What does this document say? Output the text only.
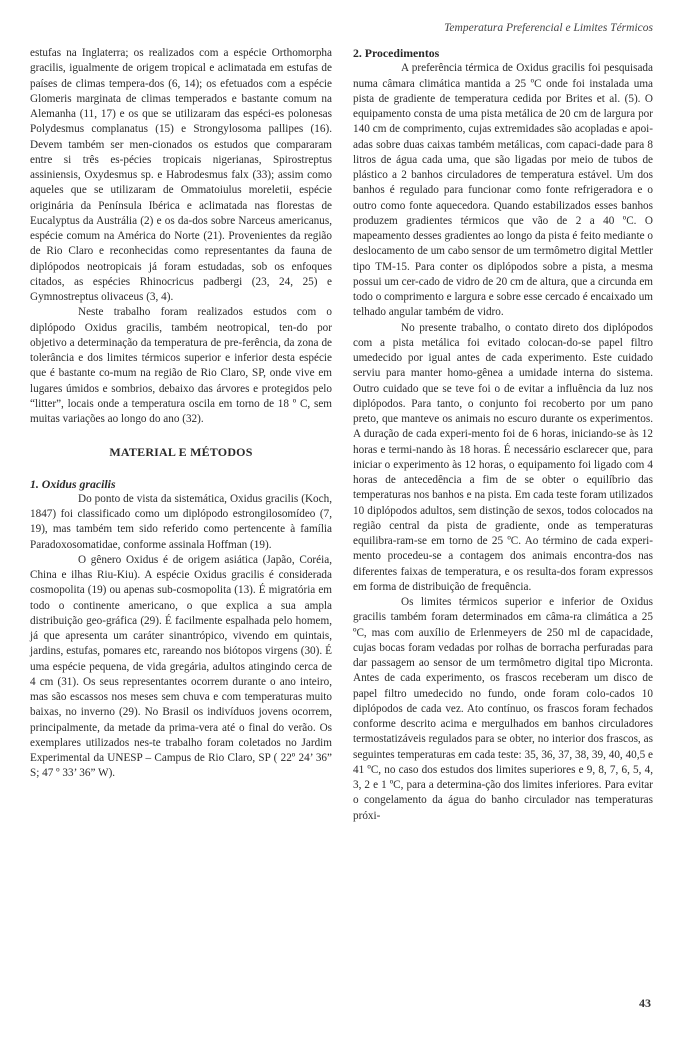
Temperatura Preferencial e Limites Térmicos

estufas na Inglaterra; os realizados com a espécie Orthomorpha gracilis, igualmente de origem tropical e aclimatada em estufas de países de climas tempera-dos (6, 14); os efetuados com a espécie Glomeris marginata de climas temperados e bastante comum na Alemanha (11, 17) e os que se utilizaram das espéci-es polonesas Polydesmus complanatus (15) e Strongylosoma pallipes (16). Devem também ser men-cionados os estudos que compararam entre si três es-pécies tropicais nigerianas, Spirostreptus assiniensis, Oxydesmus sp. e Habrodesmus falx (33); assim como aqueles que se utilizaram de Ommatoiulus moreletii, espécie originária da Península Ibérica e aclimatada nas florestas de Eucalyptus da Austrália (2) e os da-dos sobre Narceus americanus, espécie comum na América do Norte (21). Provenientes da região de Rio Claro e reconhecidas como representantes da fauna de diplópodos neotropicais já foram estudadas, sob os enfoques citados, as espécies Rhinocricus padbergi (23, 24, 25) e Gymnostreptus olivaceus (3, 4).

Neste trabalho foram realizados estudos com o diplópodo Oxidus gracilis, também neotropical, ten-do por objetivo a determinação da temperatura de pre-ferência, da zona de tolerância e dos limites térmicos superior e inferior desta espécie que é bastante co-mum na região de Rio Claro, SP, onde vive em lugares úmidos e sombrios, debaixo das árvores e protegidos pelo “litter”, locais onde a temperatura oscila em torno de 18 º C, sem muitas variações ao longo do ano (32).

MATERIAL E MÉTODOS
1. Oxidus gracilis

Do ponto de vista da sistemática, Oxidus gracilis (Koch, 1847) foi classificado como um diplópodo estrongilosomídeo (7, 19), mas também tem sido referido como pertencente à família Paradoxosomatidae, conforme assinala Hoffman (19).

O gênero Oxidus é de origem asiática (Japão, Coréia, China e ilhas Riu-Kiu). A espécie Oxidus gracilis é considerada cosmopolita (19) ou apenas sub-cosmopolita (13). É migratória em todo o continente americano, o que explica a sua ampla distribuição geo-gráfica (29). É facilmente espalhada pelo homem, já que apresenta um caráter sinantrópico, vivendo em quintais, jardins, estufas, pomares etc, rareando nos biótopos virgens (30). É uma espécie pequena, de vida gregária, adultos atingindo cerca de 4 cm (31). Os seus representantes ocorrem durante o ano inteiro, mas são escassos nos meses sem chuva e com temperaturas muito baixas, no inverno (29). No Brasil os indivíduos jovens ocorrem, principalmente, da metade da prima-vera até o final do verão. Os exemplares utilizados nes-te trabalho foram coletados no Jardim Experimental da UNESP – Campus de Rio Claro, SP ( 22º 24’ 36” S; 47 º 33’ 36” W).

2. Procedimentos

A preferência térmica de Oxidus gracilis foi pesquisada numa câmara climática mantida a 25 ºC onde foi instalada uma pista de gradiente de temperatura cedida por Brites et al. (5). O equipamento consta de uma pista metálica de 20 cm de largura por 140 cm de comprimento, cujas extremidades são acopladas e apoi-adas sobre duas caixas também metálicas, com capaci-dade para 8 litros de água cada uma, que são ligadas por meio de tubos de plástico a 2 banhos circuladores de temperatura estável. Um dos banhos é regulado para funcionar como fonte refrigeradora e o outro como fonte aquecedora. Quando estabilizados esses banhos produzem gradientes térmicos que vão de 2 a 40 ºC. O mapeamento desses gradientes ao longo da pista é feito mediante o deslocamento de um cabo sensor de um termômetro digital Mettler tipo TM-15. Para conter os diplópodos sobre a pista, a mesma possui um cer-cado de vidro de 20 cm de altura, que a circunda em todo o comprimento e largura e sobre esse cercado é encaixado um telhado angular também de vidro.

No presente trabalho, o contato direto dos diplópodos com a pista metálica foi evitado colocan-do-se papel filtro umedecido por igual antes de cada experimento. Este cuidado serviu para manter homo-gênea a umidade interna do sistema. Outro cuidado que se teve foi o de evitar a influência da luz nos diplópodos. Para tanto, o conjunto foi recoberto por um pano preto, que manteve os animais no escuro durante os experimentos. A duração de cada experi-mento foi de 6 horas, iniciando-se às 12 horas e termi-nando às 18 horas. É necessário esclarecer que, para iniciar o experimento às 12 horas, o equipamento foi ligado com 4 horas de antecedência a fim de se obter o equilíbrio das temperaturas nos banhos e na pista. Em cada teste foram utilizados 10 diplópodos adultos, sem distinção de sexos, todos colocados na região central da pista de gradiente, onde as temperaturas equilibra-ram-se em torno de 25 ºC. Ao término de cada experi-mento procedeu-se a contagem dos animais encontra-dos nas diferentes faixas de temperatura, e os resulta-dos foram expressos em forma de distribuição de frequência.

Os limites térmicos superior e inferior de Oxidus gracilis também foram determinados em câma-ra climática a 25 ºC, mas com auxílio de Erlenmeyers de 250 ml de capacidade, cujas bocas foram vedadas por rolhas de borracha perfuradas para dar passagem ao sensor de um termômetro digital tipo Micronta. Antes de cada experimento, os frascos receberam um disco de papel filtro umedecido no fundo, onde foram colo-cados 10 diplópodos de cada vez. Ato contínuo, os frascos foram fechados conforme descrito acima e mergulhados em banhos circuladores termostatizáveis regulados para se obter, no interior dos frascos, as seguintes temperaturas em cada teste: 35, 36, 37, 38, 39, 40, 40,5 e 41 ºC, no caso dos estudos dos limites superiores e 9, 8, 7, 6, 5, 4, 3, 2 e 1 ºC, para a determina-ção dos limites inferiores. Para evitar o congelamento da água do banho circulador nas temperaturas próxi-

43
